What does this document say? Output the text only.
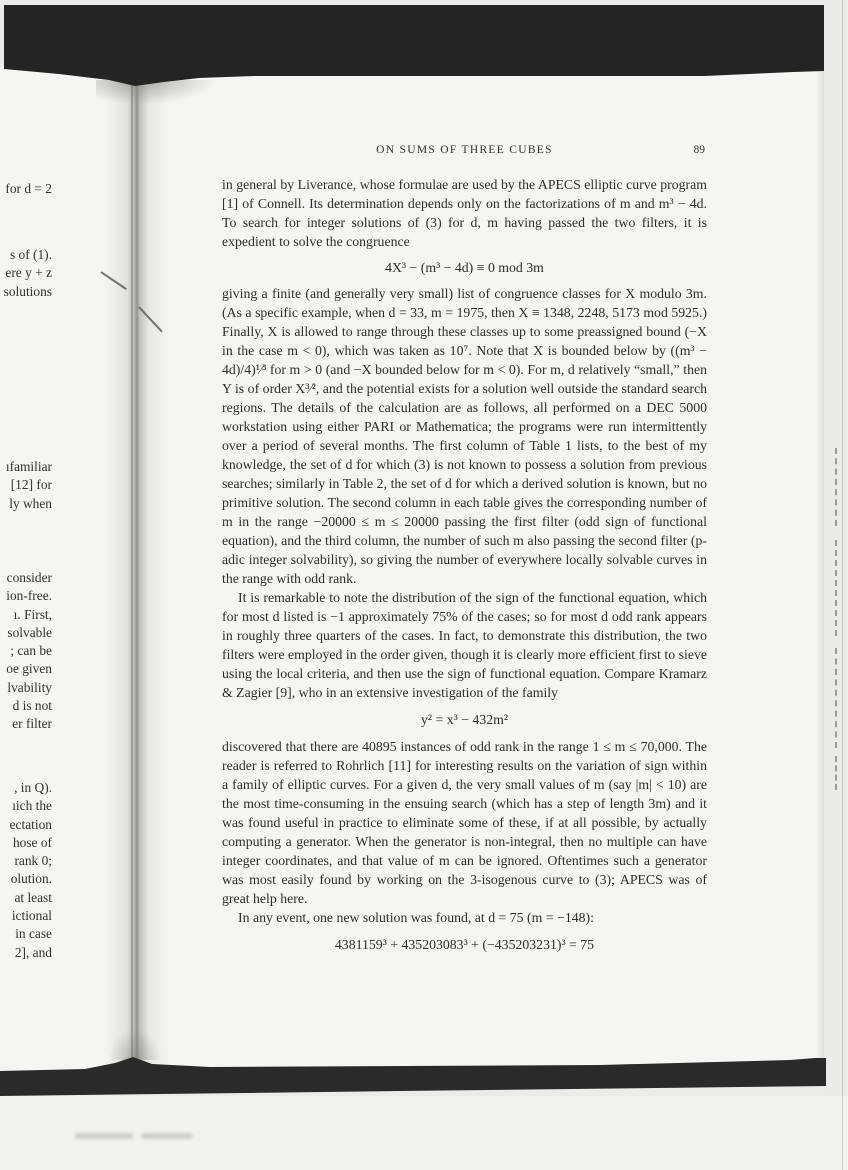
for d = 2
s of (1).
ere y + z
solutions
ıfamiliar
[12] for
ly when
consider
ion-free.
ı. First,
solvable
; can be
oe given
lvability
d is not
er filter
, in Q).
ıich the
ectation
hose of
rank 0;
olution.
at least
ictional
in case
2], and
ON SUMS OF THREE CUBES	89

in general by Liverance, whose formulae are used by the APECS elliptic curve program [1] of Connell. Its determination depends only on the factorizations of m and m³ − 4d. To search for integer solutions of (3) for d, m having passed the two filters, it is expedient to solve the congruence

4X³ − (m³ − 4d) ≡ 0 mod 3m

giving a finite (and generally very small) list of congruence classes for X modulo 3m. (As a specific example, when d = 33, m = 1975, then X ≡ 1348, 2248, 5173 mod 5925.) Finally, X is allowed to range through these classes up to some preassigned bound (−X in the case m < 0), which was taken as 10⁷. Note that X is bounded below by ((m³ − 4d)/4)¹⁄³ for m > 0 (and −X bounded below for m < 0). For m, d relatively “small,” then Y is of order X³⁄², and the potential exists for a solution well outside the standard search regions. The details of the calculation are as follows, all performed on a DEC 5000 workstation using either PARI or Mathematica; the programs were run intermittently over a period of several months. The first column of Table 1 lists, to the best of my knowledge, the set of d for which (3) is not known to possess a solution from previous searches; similarly in Table 2, the set of d for which a derived solution is known, but no primitive solution. The second column in each table gives the corresponding number of m in the range −20000 ≤ m ≤ 20000 passing the first filter (odd sign of functional equation), and the third column, the number of such m also passing the second filter (p-adic integer solvability), so giving the number of everywhere locally solvable curves in the range with odd rank.

It is remarkable to note the distribution of the sign of the functional equation, which for most d listed is −1 approximately 75% of the cases; so for most d odd rank appears in roughly three quarters of the cases. In fact, to demonstrate this distribution, the two filters were employed in the order given, though it is clearly more efficient first to sieve using the local criteria, and then use the sign of functional equation. Compare Kramarz & Zagier [9], who in an extensive investigation of the family

y² = x³ − 432m²

discovered that there are 40895 instances of odd rank in the range 1 ≤ m ≤ 70,000. The reader is referred to Rohrlich [11] for interesting results on the variation of sign within a family of elliptic curves. For a given d, the very small values of m (say |m| < 10) are the most time-consuming in the ensuing search (which has a step of length 3m) and it was found useful in practice to eliminate some of these, if at all possible, by actually computing a generator. When the generator is non-integral, then no multiple can have integer coordinates, and that value of m can be ignored. Oftentimes such a generator was most easily found by working on the 3-isogenous curve to (3); APECS was of great help here.

In any event, one new solution was found, at d = 75 (m = −148):

4381159³ + 435203083³ + (−435203231)³ = 75
